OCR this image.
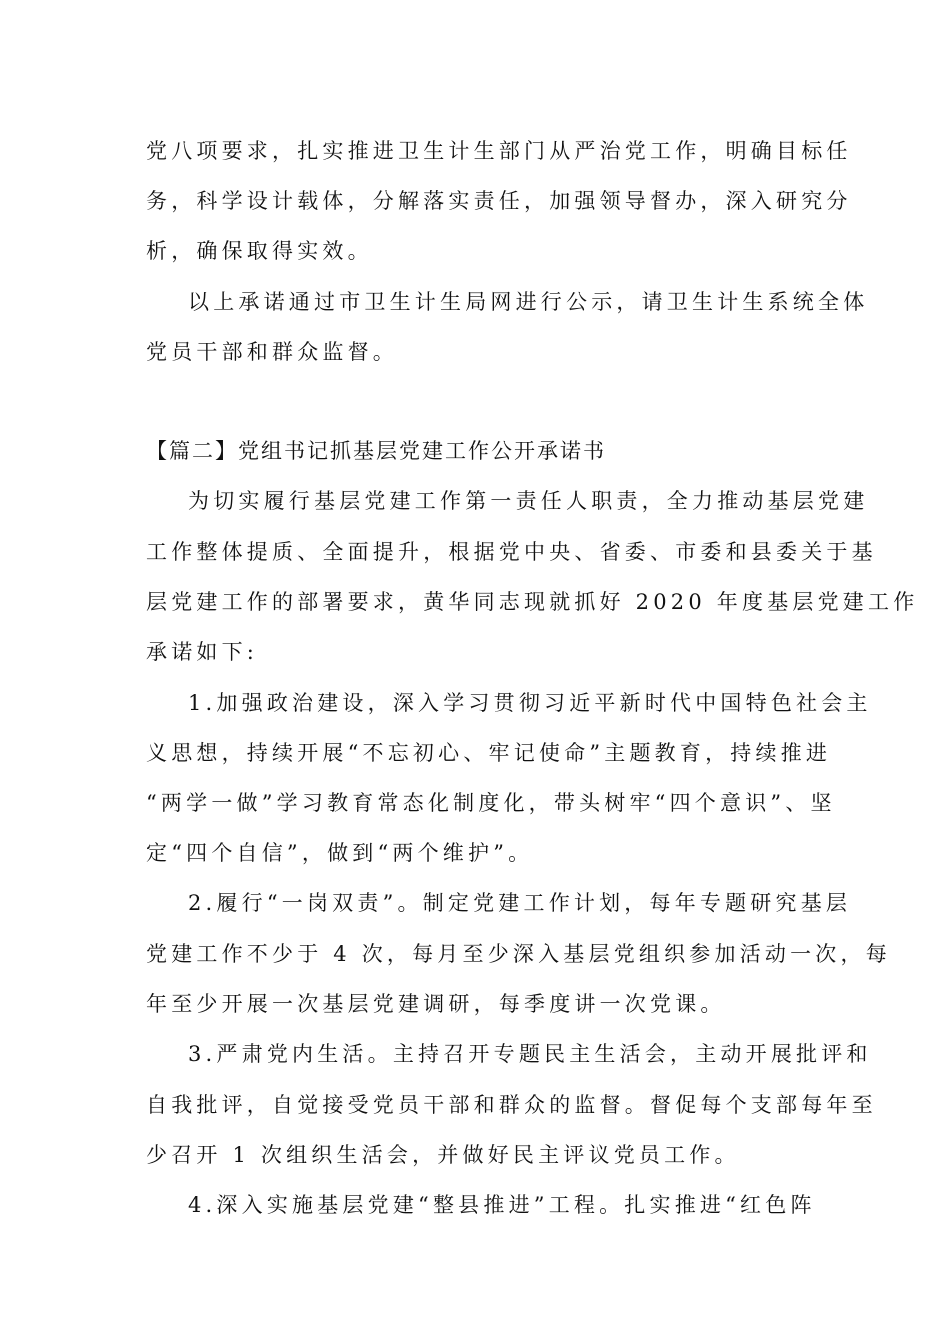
党八项要求，扎实推进卫生计生部门从严治党工作，明确目标任
务，科学设计载体，分解落实责任，加强领导督办，深入研究分
析，确保取得实效。
以上承诺通过市卫生计生局网进行公示，请卫生计生系统全体
党员干部和群众监督。
【篇二】党组书记抓基层党建工作公开承诺书
为切实履行基层党建工作第一责任人职责，全力推动基层党建
工作整体提质、全面提升，根据党中央、省委、市委和县委关于基
层党建工作的部署要求，黄华同志现就抓好 2020 年度基层党建工作
承诺如下:
1.加强政治建设，深入学习贯彻习近平新时代中国特色社会主
义思想，持续开展“不忘初心、牢记使命”主题教育，持续推进
“两学一做”学习教育常态化制度化，带头树牢“四个意识”、坚
定“四个自信”，做到“两个维护”。
2.履行“一岗双责”。制定党建工作计划，每年专题研究基层
党建工作不少于 4 次，每月至少深入基层党组织参加活动一次，每
年至少开展一次基层党建调研，每季度讲一次党课。
3.严肃党内生活。主持召开专题民主生活会，主动开展批评和
自我批评，自觉接受党员干部和群众的监督。督促每个支部每年至
少召开 1 次组织生活会，并做好民主评议党员工作。
4.深入实施基层党建“整县推进”工程。扎实推进“红色阵
